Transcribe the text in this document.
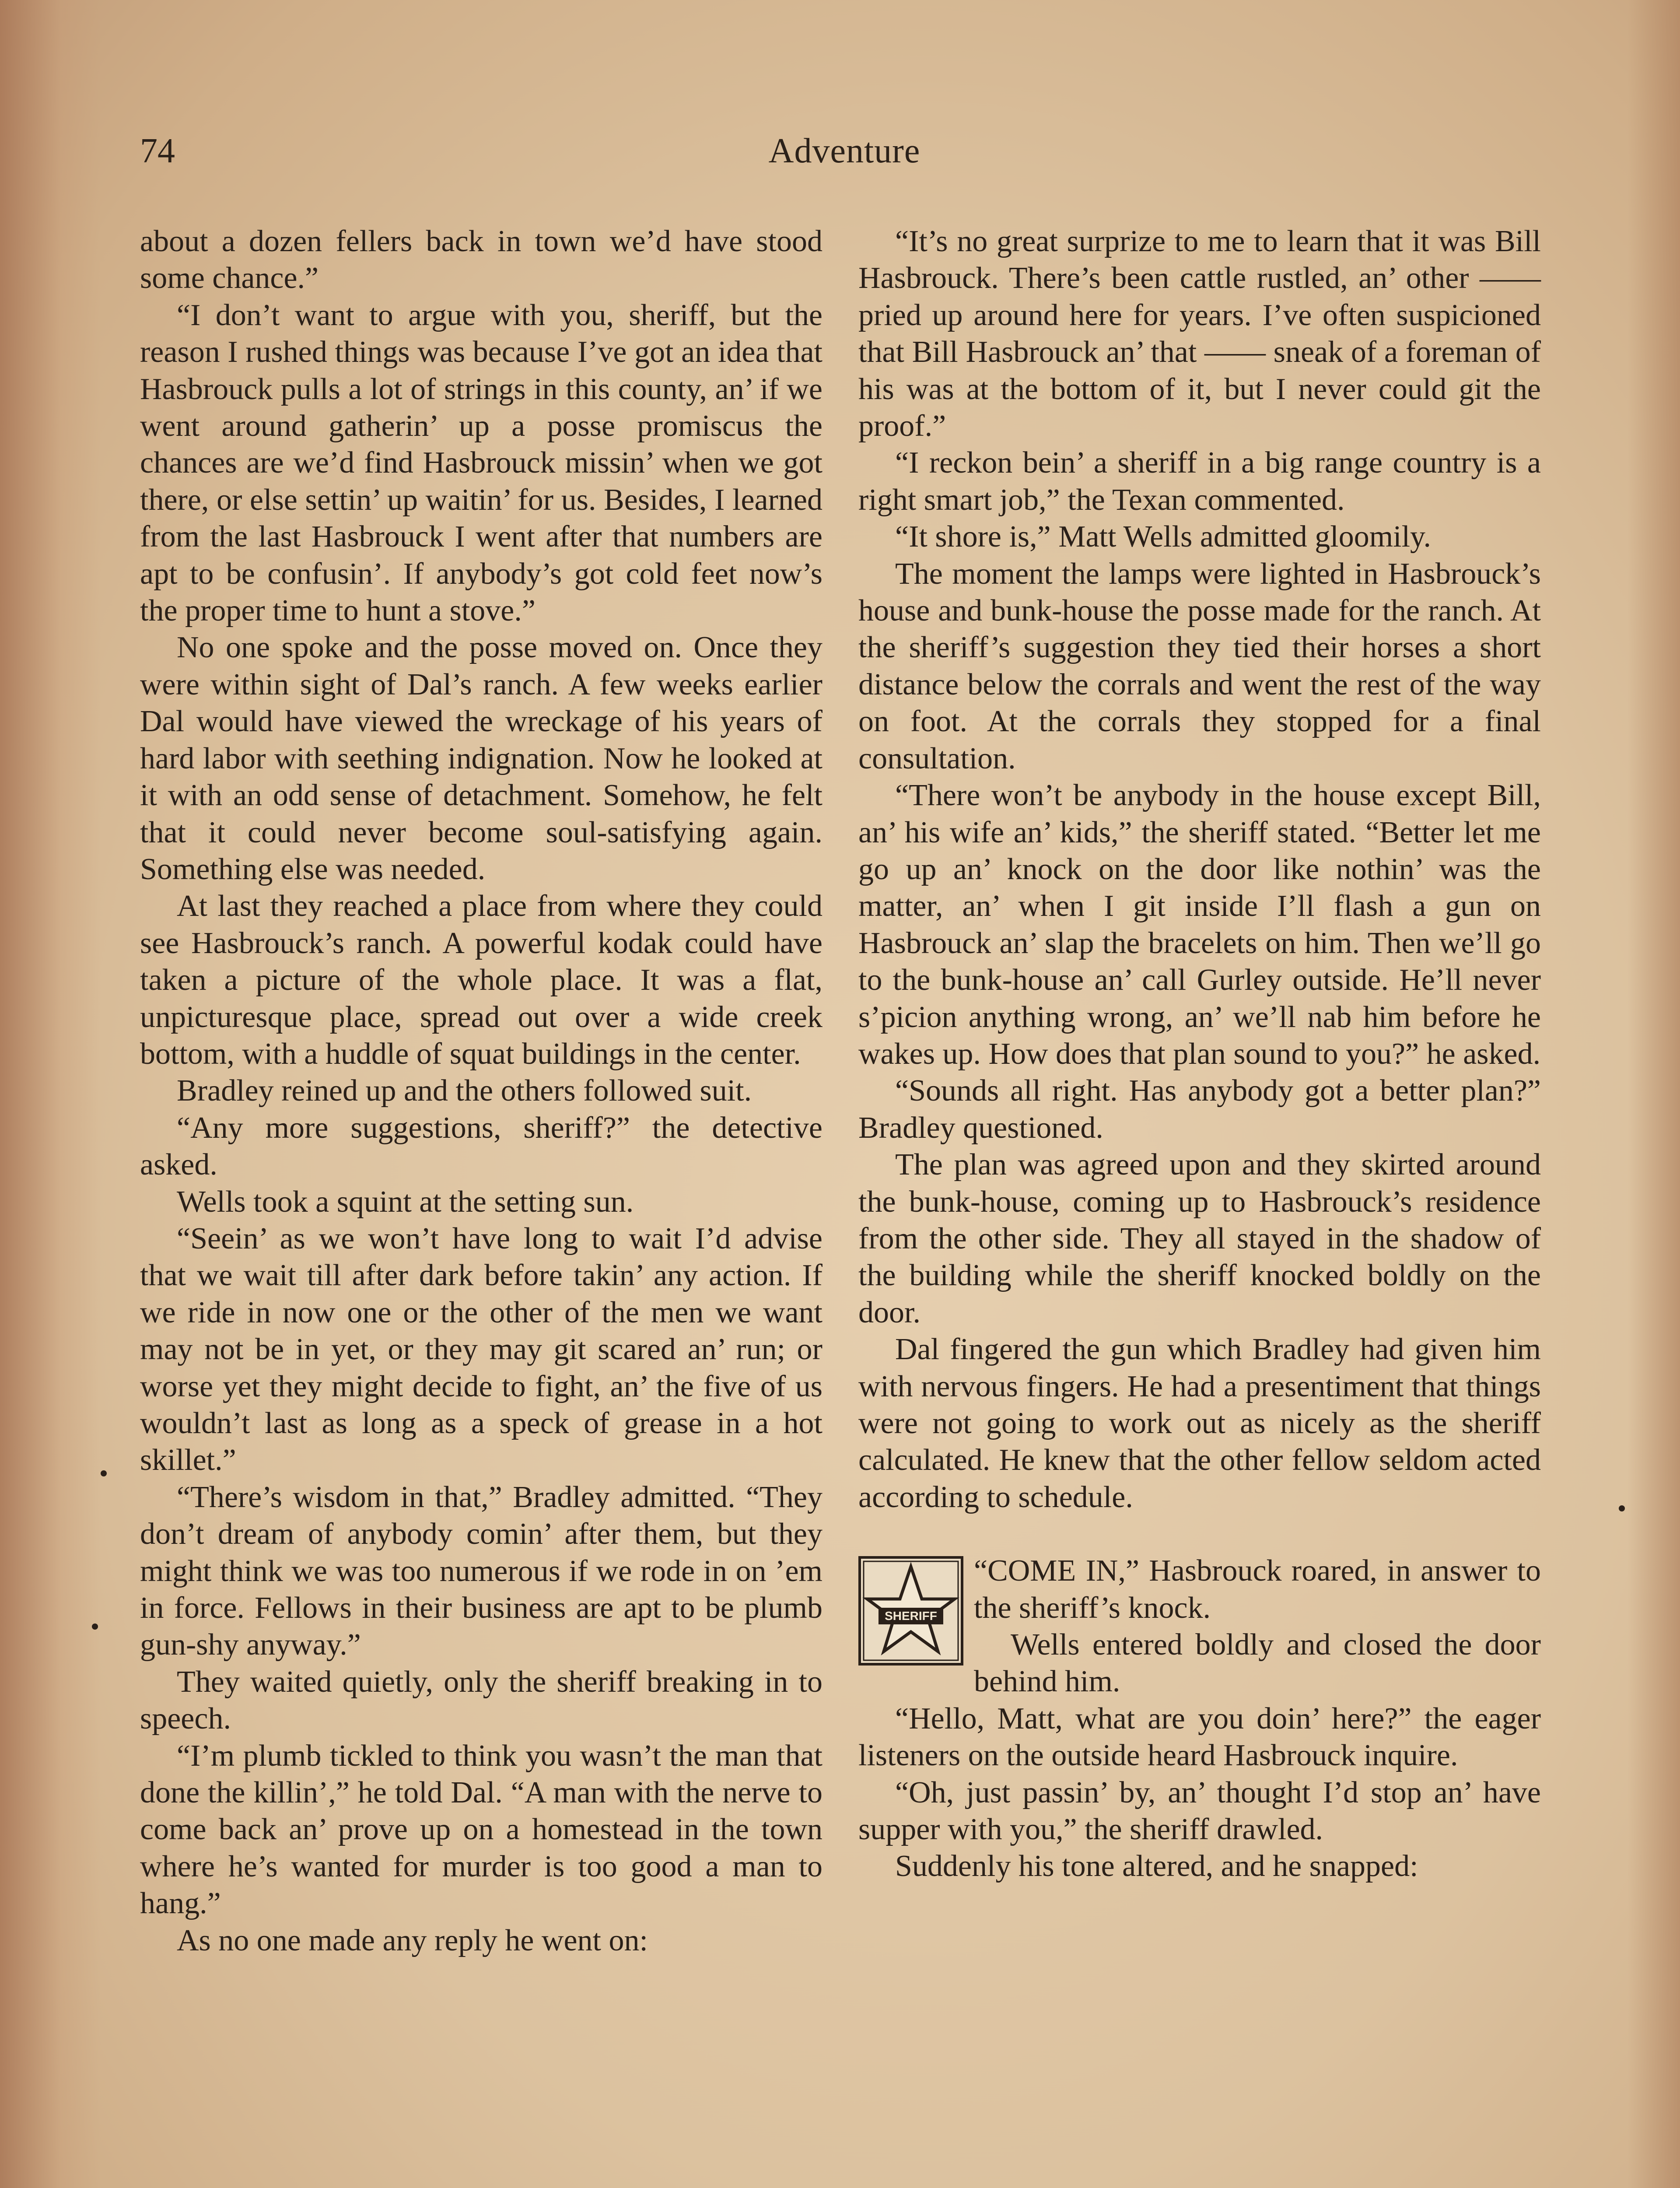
74	Adventure

about a dozen fellers back in town we’d have stood some chance.”

“I don’t want to argue with you, sheriff, but the reason I rushed things was because I’ve got an idea that Hasbrouck pulls a lot of strings in this county, an’ if we went around gatherin’ up a posse promiscus the chances are we’d find Hasbrouck missin’ when we got there, or else settin’ up waitin’ for us. Besides, I learned from the last Hasbrouck I went after that numbers are apt to be confusin’. If anybody’s got cold feet now’s the proper time to hunt a stove.”

No one spoke and the posse moved on. Once they were within sight of Dal’s ranch. A few weeks earlier Dal would have viewed the wreckage of his years of hard labor with seething indignation. Now he looked at it with an odd sense of detachment. Somehow, he felt that it could never become soul-satisfying again. Something else was needed.

At last they reached a place from where they could see Hasbrouck’s ranch. A powerful kodak could have taken a picture of the whole place. It was a flat, unpicturesque place, spread out over a wide creek bottom, with a huddle of squat buildings in the center.

Bradley reined up and the others followed suit.

“Any more suggestions, sheriff?” the detective asked.

Wells took a squint at the setting sun.

“Seein’ as we won’t have long to wait I’d advise that we wait till after dark before takin’ any action. If we ride in now one or the other of the men we want may not be in yet, or they may git scared an’ run; or worse yet they might decide to fight, an’ the five of us wouldn’t last as long as a speck of grease in a hot skillet.”

“There’s wisdom in that,” Bradley admitted. “They don’t dream of anybody comin’ after them, but they might think we was too numerous if we rode in on ’em in force. Fellows in their business are apt to be plumb gun-shy anyway.”

They waited quietly, only the sheriff breaking in to speech.

“I’m plumb tickled to think you wasn’t the man that done the killin’,” he told Dal. “A man with the nerve to come back an’ prove up on a homestead in the town where he’s wanted for murder is too good a man to hang.”

As no one made any reply he went on:

“It’s no great surprize to me to learn that it was Bill Hasbrouck. There’s been cattle rustled, an’ other —— pried up around here for years. I’ve often suspicioned that Bill Hasbrouck an’ that —— sneak of a foreman of his was at the bottom of it, but I never could git the proof.”

“I reckon bein’ a sheriff in a big range country is a right smart job,” the Texan commented.

“It shore is,” Matt Wells admitted gloomily.

The moment the lamps were lighted in Hasbrouck’s house and bunk-house the posse made for the ranch. At the sheriff’s suggestion they tied their horses a short distance below the corrals and went the rest of the way on foot. At the corrals they stopped for a final consultation.

“There won’t be anybody in the house except Bill, an’ his wife an’ kids,” the sheriff stated. “Better let me go up an’ knock on the door like nothin’ was the matter, an’ when I git inside I’ll flash a gun on Hasbrouck an’ slap the bracelets on him. Then we’ll go to the bunk-house an’ call Gurley outside. He’ll never s’picion anything wrong, an’ we’ll nab him before he wakes up. How does that plan sound to you?” he asked.

“Sounds all right. Has anybody got a better plan?” Bradley questioned.

The plan was agreed upon and they skirted around the bunk-house, coming up to Hasbrouck’s residence from the other side. They all stayed in the shadow of the building while the sheriff knocked boldly on the door.

Dal fingered the gun which Bradley had given him with nervous fingers. He had a presentiment that things were not going to work out as nicely as the sheriff calculated. He knew that the other fellow seldom acted according to schedule.

SHERIFF

“COME IN,” Hasbrouck roared, in answer to the sheriff’s knock.

Wells entered boldly and closed the door behind him.

“Hello, Matt, what are you doin’ here?” the eager listeners on the outside heard Hasbrouck inquire.

“Oh, just passin’ by, an’ thought I’d stop an’ have supper with you,” the sheriff drawled.

Suddenly his tone altered, and he snapped:
